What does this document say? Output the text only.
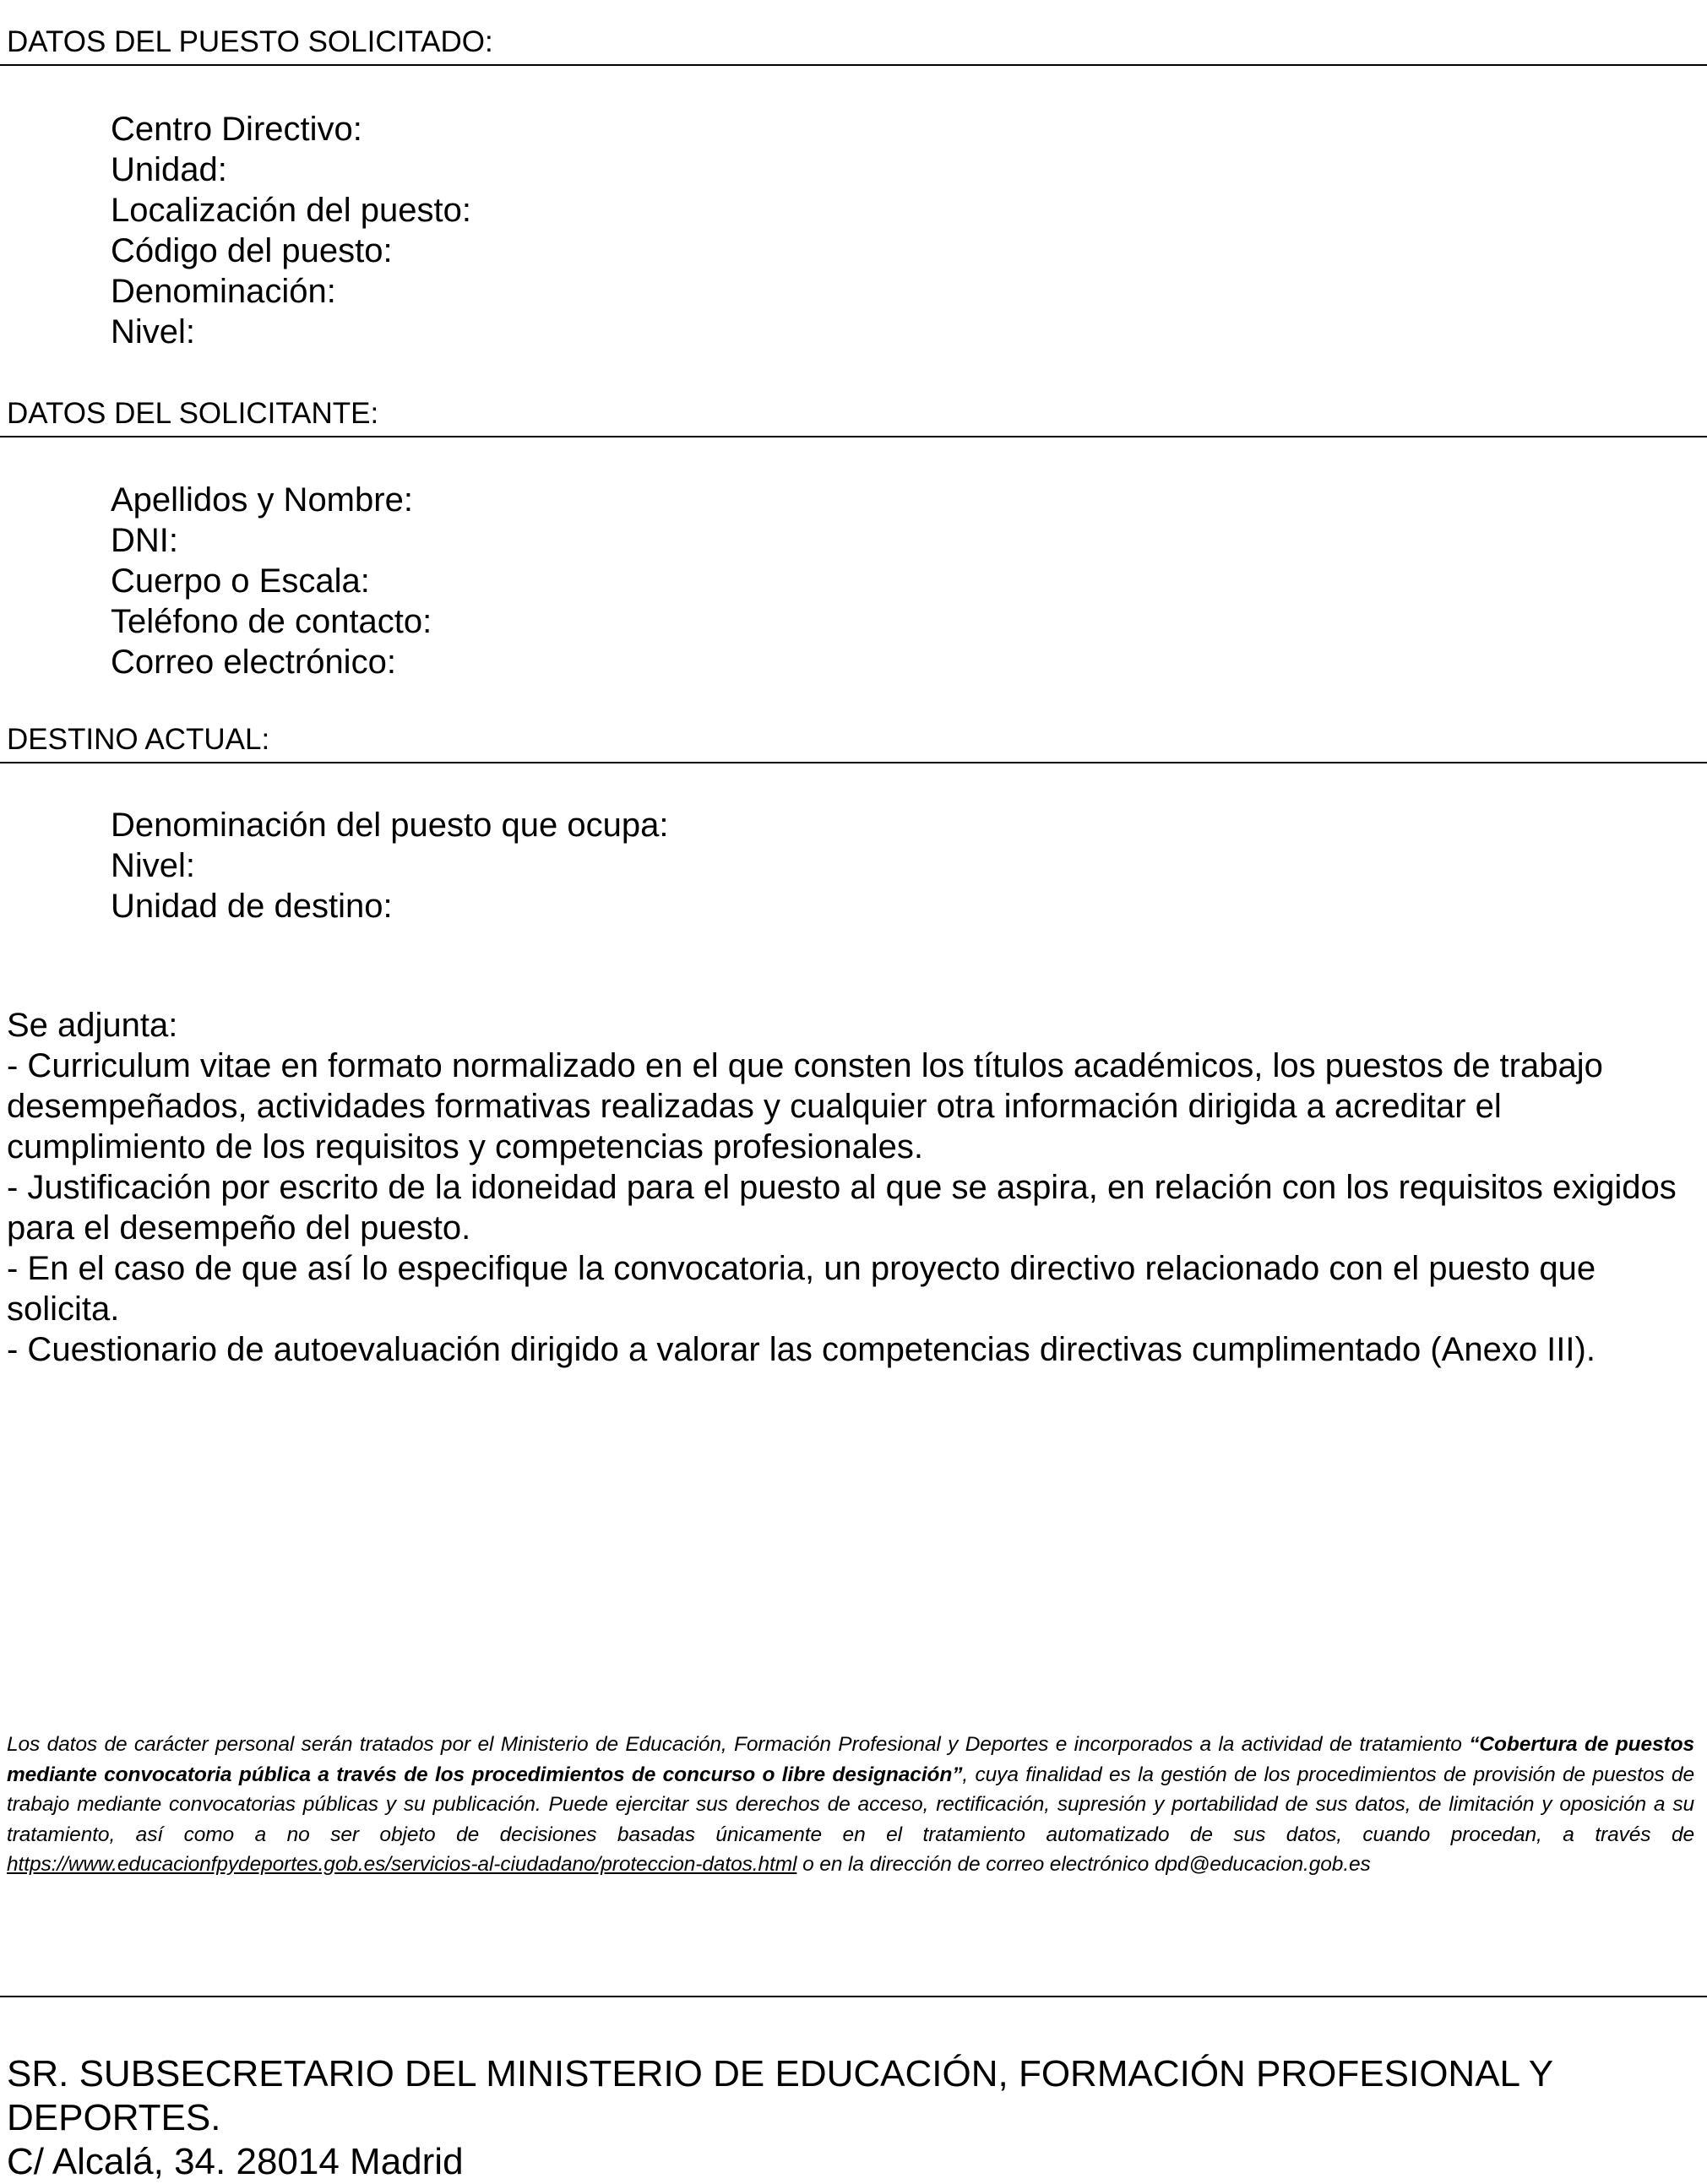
DATOS DEL PUESTO SOLICITADO:
Centro Directivo:
Unidad:
Localización del puesto:
Código del puesto:
Denominación:
Nivel:
DATOS DEL SOLICITANTE:
Apellidos y Nombre:
DNI:
Cuerpo o Escala:
Teléfono de contacto:
Correo electrónico:
DESTINO ACTUAL:
Denominación del puesto que ocupa:
Nivel:
Unidad de destino:

Se adjunta:

- Curriculum vitae en formato normalizado en el que consten los títulos académicos, los puestos de trabajo desempeñados, actividades formativas realizadas y cualquier otra información dirigida a acreditar el cumplimiento de los requisitos y competencias profesionales.

- Justificación por escrito de la idoneidad para el puesto al que se aspira, en relación con los requisitos exigidos para el desempeño del puesto.

- En el caso de que así lo especifique la convocatoria, un proyecto directivo relacionado con el puesto que solicita.

- Cuestionario de autoevaluación dirigido a valorar las competencias directivas cumplimentado (Anexo III).

Los datos de carácter personal serán tratados por el Ministerio de Educación, Formación Profesional y Deportes e incorporados a la actividad de tratamiento “Cobertura de puestos mediante convocatoria pública a través de los procedimientos de concurso o libre designación”, cuya finalidad es la gestión de los procedimientos de provisión de puestos de trabajo mediante convocatorias públicas y su publicación. Puede ejercitar sus derechos de acceso, rectificación, supresión y portabilidad de sus datos, de limitación y oposición a su tratamiento, así como a no ser objeto de decisiones basadas únicamente en el tratamiento automatizado de sus datos, cuando procedan, a través de https://www.educacionfpydeportes.gob.es/servicios-al-ciudadano/proteccion-datos.html o en la dirección de correo electrónico dpd@educacion.gob.es

SR. SUBSECRETARIO DEL MINISTERIO DE EDUCACIÓN, FORMACIÓN PROFESIONAL Y DEPORTES.

C/ Alcalá, 34. 28014 Madrid
